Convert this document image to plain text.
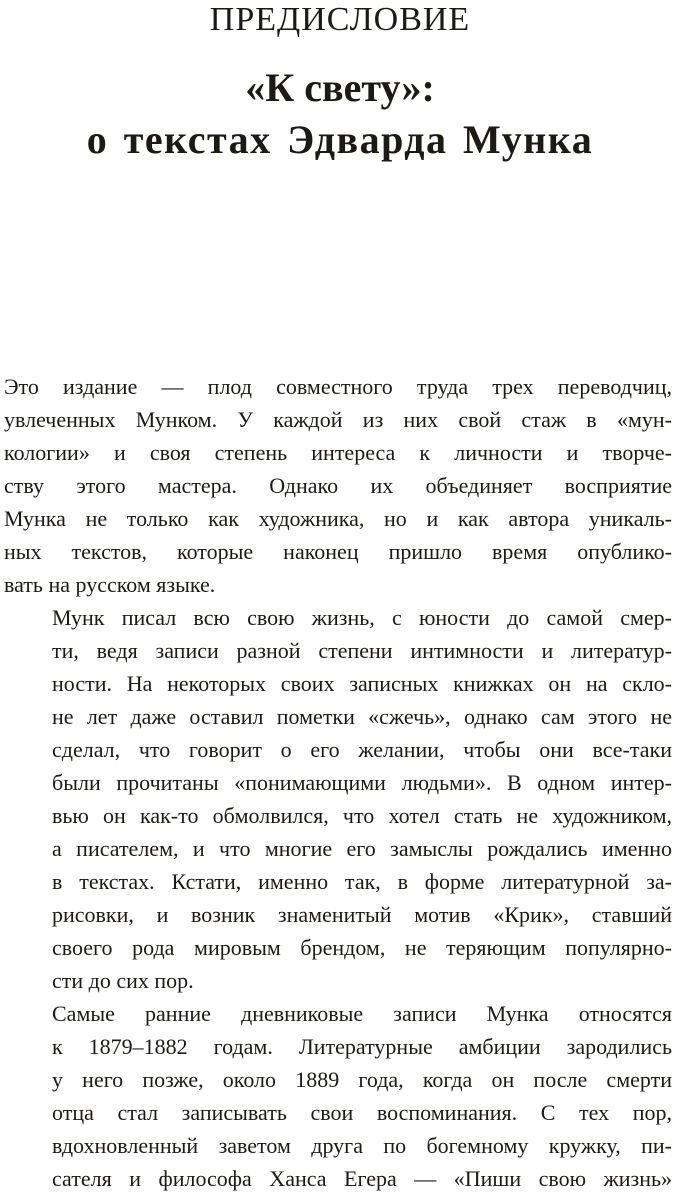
ПРЕДИСЛОВИЕ
«К свету»:
о текстах Эдварда Мунка

Это издание — плод совместного труда трех переводчиц,
увлеченных Мунком. У каждой из них свой стаж в «мун-
кологии» и своя степень интереса к личности и творче-
ству этого мастера. Однако их объединяет восприятие
Мунка не только как художника, но и как автора уникаль-
ных текстов, которые наконец пришло время опублико-
вать на русском языке.

Мунк писал всю свою жизнь, с юности до самой смер-
ти, ведя записи разной степени интимности и литератур-
ности. На некоторых своих записных книжках он на скло-
не лет даже оставил пометки «сжечь», однако сам этого не
сделал, что говорит о его желании, чтобы они все-таки
были прочитаны «понимающими людьми». В одном интер-
вью он как-то обмолвился, что хотел стать не художником,
а писателем, и что многие его замыслы рождались именно
в текстах. Кстати, именно так, в форме литературной за-
рисовки, и возник знаменитый мотив «Крик», ставший
своего рода мировым брендом, не теряющим популярно-
сти до сих пор.

Самые ранние дневниковые записи Мунка относятся
к 1879–1882 годам. Литературные амбиции зародились
у него позже, около 1889 года, когда он после смерти
отца стал записывать свои воспоминания. С тех пор,
вдохновленный заветом друга по богемному кружку, пи-
сателя и философа Ханса Егера — «Пиши свою жизнь»
